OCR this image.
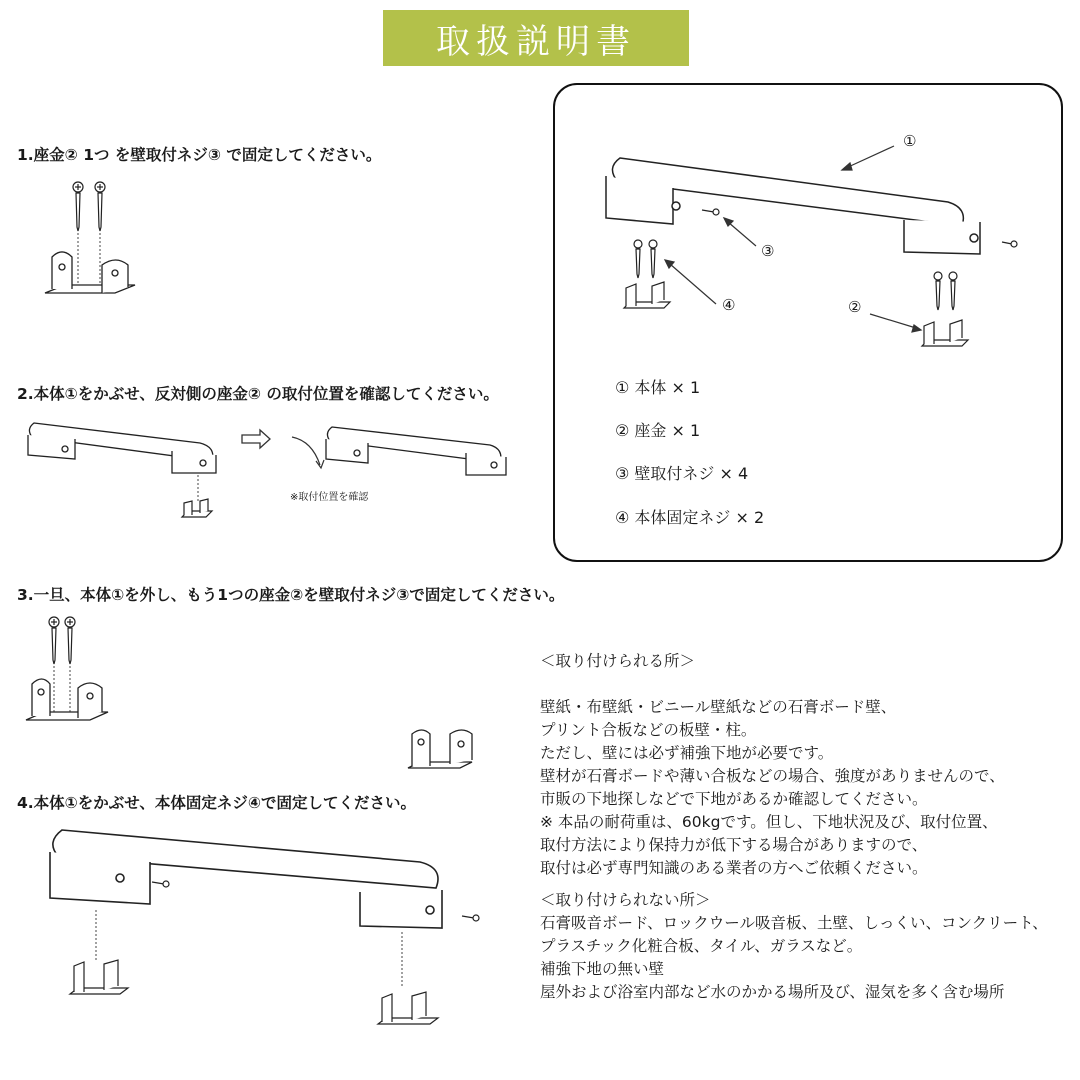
取扱説明書
1.座金② 1つ を壁取付ネジ③ で固定してください。
2.本体①をかぶせ、反対側の座金② の取付位置を確認してください。
※取付位置を確認
①
③
④	②
① 本体 × 1
② 座金 × 1
③ 壁取付ネジ × 4
④ 本体固定ネジ × 2
3.一旦、本体①を外し、もう1つの座金②を壁取付ネジ③で固定してください。
4.本体①をかぶせ、本体固定ネジ④で固定してください。
＜取り付けられる所＞
壁紙・布壁紙・ビニール壁紙などの石膏ボード壁、
プリント合板などの板壁・柱。
ただし、壁には必ず補強下地が必要です。
壁材が石膏ボードや薄い合板などの場合、強度がありませんので、
市販の下地探しなどで下地があるか確認してください。
※ 本品の耐荷重は、60kgです。但し、下地状況及び、取付位置、
取付方法により保持力が低下する場合がありますので、
取付は必ず専門知識のある業者の方へご依頼ください。
＜取り付けられない所＞
石膏吸音ボード、ロックウール吸音板、土壁、しっくい、コンクリート、
プラスチック化粧合板、タイル、ガラスなど。
補強下地の無い壁
屋外および浴室内部など水のかかる場所及び、湿気を多く含む場所
